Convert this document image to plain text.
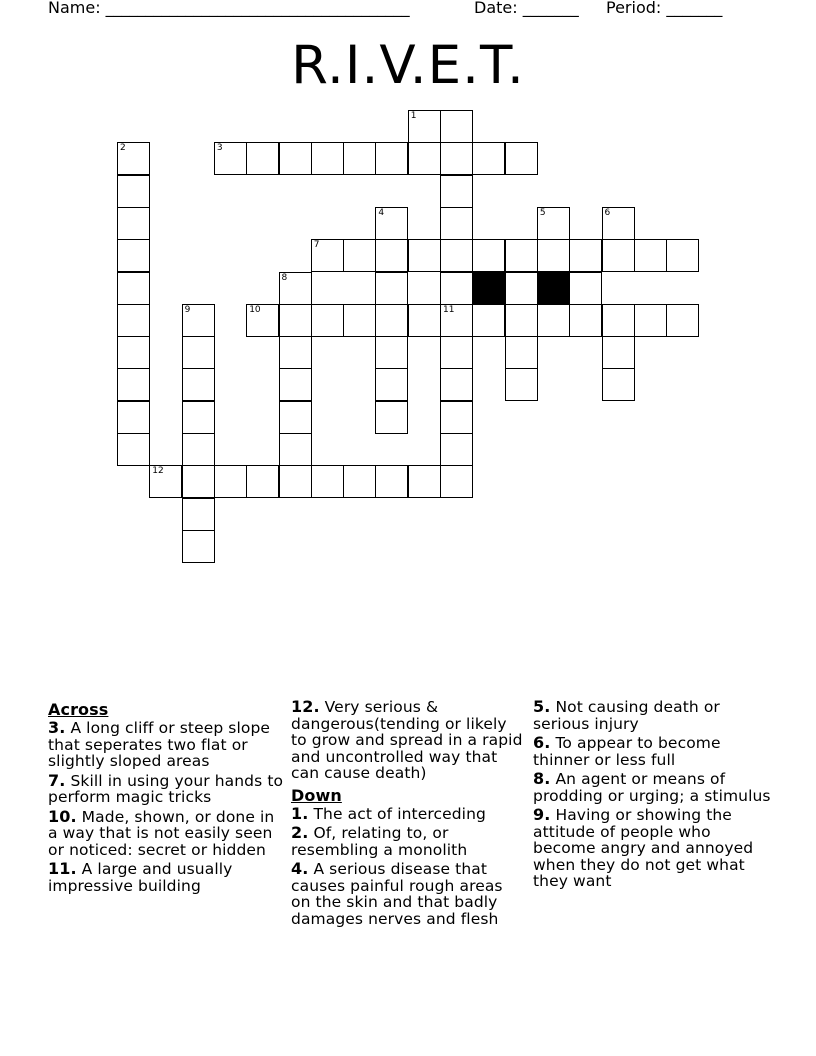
Name: ______________________________________	Date: _______ Period: _______
R.I.V.E.T.
1
2	3
4	5	6
7
8
9	10	11
12
Across
3. A long cliff or steep slope that seperates two flat or slightly sloped areas
7. Skill in using your hands to perform magic tricks
10. Made, shown, or done in a way that is not easily seen or noticed: secret or hidden
11. A large and usually impressive building
12. Very serious & dangerous(tending or likely to grow and spread in a rapid and uncontrolled way that can cause death)
Down
1. The act of interceding
2. Of, relating to, or resembling a monolith
4. A serious disease that causes painful rough areas on the skin and that badly damages nerves and flesh
5. Not causing death or serious injury
6. To appear to become thinner or less full
8. An agent or means of prodding or urging; a stimulus
9. Having or showing the attitude of people who become angry and annoyed when they do not get what they want
